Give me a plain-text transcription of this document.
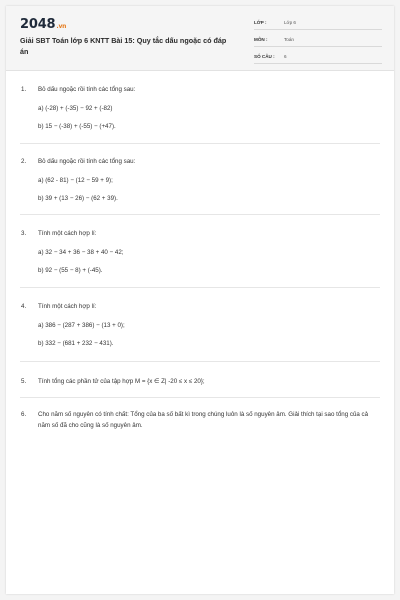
2048.vn
Giải SBT Toán lớp 6 KNTT Bài 15: Quy tắc dấu ngoặc có đáp án
LỚP :	Lớp 6
MÔN :	Toán
SỐ CÂU : 6
1. Bỏ dấu ngoặc rồi tính các tổng sau:
a) (-28) + (-35) − 92 + (-82)
b) 15 − (-38) + (-55) − (+47).
2. Bỏ dấu ngoặc rồi tính các tổng sau:
a) (62 - 81) − (12 − 59 + 9);
b) 39 + (13 − 26) − (62 + 39).
3. Tính một cách hợp lí:
a) 32 − 34 + 36 − 38 + 40 − 42;
b) 92 − (55 − 8) + (-45).
4. Tính một cách hợp lí:
a) 386 − (287 + 386) − (13 + 0);
b) 332 − (681 + 232 − 431).
5. Tính tổng các phần tử của tập hợp M = {x ∈ Z| -20 ≤ x ≤ 20};
6. Cho năm số nguyên có tính chất: Tổng của ba số bất kì trong chúng luôn là số nguyên âm. Giải thích tại sao tổng của cả năm số đã cho cũng là số nguyên âm.
